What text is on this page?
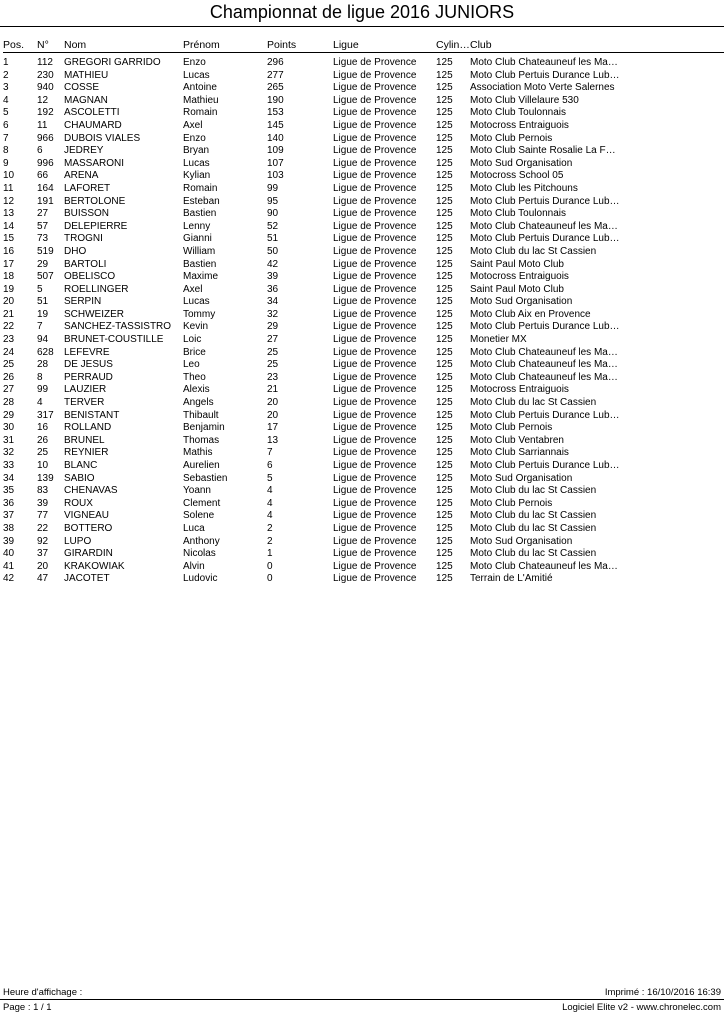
Championnat de ligue 2016 JUNIORS
Pos.	N°	Nom	Prénom	Points	Ligue	Cylin…	Club

1	112	GREGORI GARRIDO	Enzo	296	Ligue de Provence	125	Moto Club Chateauneuf les Ma…
2	230	MATHIEU	Lucas	277	Ligue de Provence	125	Moto Club Pertuis Durance Lub…
3	940	COSSE	Antoine	265	Ligue de Provence	125	Association Moto Verte Salernes
4	12	MAGNAN	Mathieu	190	Ligue de Provence	125	Moto Club Villelaure 530
5	192	ASCOLETTI	Romain	153	Ligue de Provence	125	Moto Club Toulonnais
6	11	CHAUMARD	Axel	145	Ligue de Provence	125	Motocross Entraiguois
7	966	DUBOIS VIALES	Enzo	140	Ligue de Provence	125	Moto Club Pernois
8	6	JEDREY	Bryan	109	Ligue de Provence	125	Moto Club Sainte Rosalie La F…
9	996	MASSARONI	Lucas	107	Ligue de Provence	125	Moto Sud Organisation
10	66	ARENA	Kylian	103	Ligue de Provence	125	Motocross School 05
11	164	LAFORET	Romain	99	Ligue de Provence	125	Moto Club les Pitchouns
12	191	BERTOLONE	Esteban	95	Ligue de Provence	125	Moto Club Pertuis Durance Lub…
13	27	BUISSON	Bastien	90	Ligue de Provence	125	Moto Club Toulonnais
14	57	DELEPIERRE	Lenny	52	Ligue de Provence	125	Moto Club Chateauneuf les Ma…
15	73	TROGNI	Gianni	51	Ligue de Provence	125	Moto Club Pertuis Durance Lub…
16	519	DHO	William	50	Ligue de Provence	125	Moto Club du lac St Cassien
17	29	BARTOLI	Bastien	42	Ligue de Provence	125	Saint Paul Moto Club
18	507	OBELISCO	Maxime	39	Ligue de Provence	125	Motocross Entraiguois
19	5	ROELLINGER	Axel	36	Ligue de Provence	125	Saint Paul Moto Club
20	51	SERPIN	Lucas	34	Ligue de Provence	125	Moto Sud Organisation
21	19	SCHWEIZER	Tommy	32	Ligue de Provence	125	Moto Club Aix en Provence
22	7	SANCHEZ-TASSISTRO	Kevin	29	Ligue de Provence	125	Moto Club Pertuis Durance Lub…
23	94	BRUNET-COUSTILLE	Loic	27	Ligue de Provence	125	Monetier MX
24	628	LEFEVRE	Brice	25	Ligue de Provence	125	Moto Club Chateauneuf les Ma…
25	28	DE JESUS	Leo	25	Ligue de Provence	125	Moto Club Chateauneuf les Ma…
26	8	PERRAUD	Theo	23	Ligue de Provence	125	Moto Club Chateauneuf les Ma…
27	99	LAUZIER	Alexis	21	Ligue de Provence	125	Motocross Entraiguois
28	4	TERVER	Angels	20	Ligue de Provence	125	Moto Club du lac St Cassien
29	317	BENISTANT	Thibault	20	Ligue de Provence	125	Moto Club Pertuis Durance Lub…
30	16	ROLLAND	Benjamin	17	Ligue de Provence	125	Moto Club Pernois
31	26	BRUNEL	Thomas	13	Ligue de Provence	125	Moto Club Ventabren
32	25	REYNIER	Mathis	7	Ligue de Provence	125	Moto Club Sarriannais
33	10	BLANC	Aurelien	6	Ligue de Provence	125	Moto Club Pertuis Durance Lub…
34	139	SABIO	Sebastien	5	Ligue de Provence	125	Moto Sud Organisation
35	83	CHENAVAS	Yoann	4	Ligue de Provence	125	Moto Club du lac St Cassien
36	39	ROUX	Clement	4	Ligue de Provence	125	Moto Club Pernois
37	77	VIGNEAU	Solene	4	Ligue de Provence	125	Moto Club du lac St Cassien
38	22	BOTTERO	Luca	2	Ligue de Provence	125	Moto Club du lac St Cassien
39	92	LUPO	Anthony	2	Ligue de Provence	125	Moto Sud Organisation
40	37	GIRARDIN	Nicolas	1	Ligue de Provence	125	Moto Club du lac St Cassien
41	20	KRAKOWIAK	Alvin	0	Ligue de Provence	125	Moto Club Chateauneuf les Ma…
42	47	JACOTET	Ludovic	0	Ligue de Provence	125	Terrain de L'Amitié
Heure d'affichage :	Imprimé : 16/10/2016 16:39
Page : 1 / 1	Logiciel Elite v2 - www.chronelec.com
